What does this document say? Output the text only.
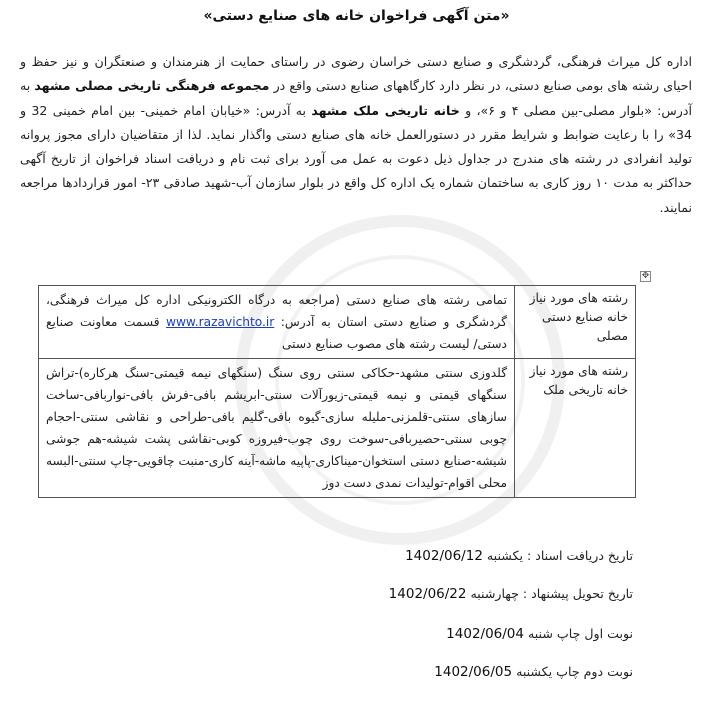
«متن آگهی فراخوان خانه های صنایع دستی»
اداره کل میراث فرهنگی، گردشگری و صنایع دستی خراسان رضوی در راستای حمایت از هنرمندان و صنعتگران و نیز حفظ و احیای رشته های بومی صنایع دستی، در نظر دارد کارگاههای صنایع دستی واقع در مجموعه فرهنگی تاریخی مصلی مشهد به آدرس: «بلوار مصلی-بین مصلی ۴ و ۶»، و خانه تاریخی ملک مشهد به آدرس: «خیابان امام خمینی- بین امام خمینی 32 و 34» را با رعایت ضوابط و شرایط مقرر در دستورالعمل خانه های صنایع دستی واگذار نماید. لذا از متقاضیان دارای مجوز پروانه تولید انفرادی در رشته های مندرج در جداول ذیل دعوت به عمل می آورد برای ثبت نام و دریافت اسناد فراخوان از تاریخ آگهی حداکثر به مدت ۱۰ روز کاری به ساختمان شماره یک اداره کل واقع در بلوار سازمان آب-شهید صادقی ۲۳- امور قراردادها مراجعه نمایند.
✥
رشته های مورد نیاز خانه صنایع دستی مصلی	تمامی رشته های صنایع دستی (مراجعه به درگاه الکترونیکی اداره کل میراث فرهنگی، گردشگری و صنایع دستی استان به آدرس: www.razavichto.ir قسمت معاونت صنایع دستی/ لیست رشته های مصوب صنایع دستی
رشته های مورد نیاز خانه تاریخی ملک	گلدوزی سنتی مشهد-حکاکی سنتی روی سنگ (سنگهای نیمه قیمتی-سنگ هرکاره)-تراش سنگهای قیمتی و نیمه قیمتی-زیورآلات سنتی-ابریشم بافی-فرش بافی-نواربافی-ساخت سازهای سنتی-قلمزنی-ملیله سازی-گیوه بافی-گلیم بافی-طراحی و نقاشی سنتی-احجام چوبی سنتی-حصیربافی-سوخت روی چوب-فیروزه کوبی-نقاشی پشت شیشه-هم جوشی شیشه-صنایع دستی استخوان-میناکاری-پاپیه ماشه-آینه کاری-منبت چاقویی-چاپ سنتی-البسه محلی اقوام-تولیدات نمدی دست دوز
تاریخ دریافت اسناد : یکشنبه 1402/06/12
تاریخ تحویل پیشنهاد : چهارشنبه 1402/06/22
نوبت اول چاپ شنبه 1402/06/04
نوبت دوم چاپ یکشنبه 1402/06/05
